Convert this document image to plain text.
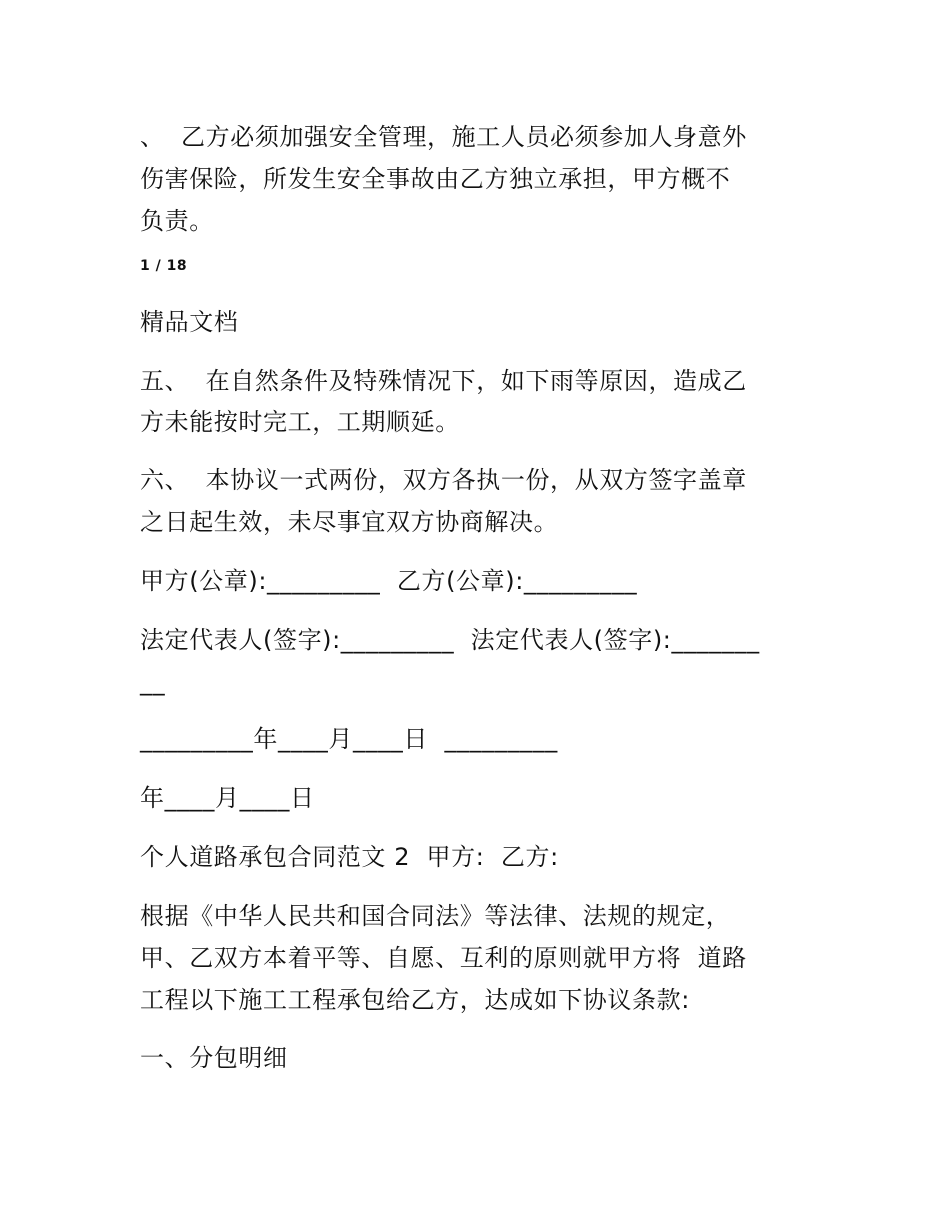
、  乙方必须加强安全管理，施工人员必须参加人身意外
伤害保险，所发生安全事故由乙方独立承担，甲方概不
负责。
1 / 18
精品文档
五、  在自然条件及特殊情况下，如下雨等原因，造成乙
方未能按时完工，工期顺延。
六、  本协议一式两份，双方各执一份，从双方签字盖章
之日起生效，未尽事宜双方协商解决。
甲方(公章):_________  乙方(公章):_________
法定代表人(签字):_________  法定代表人(签字):_______
__
_________年____月____日  _________
年____月____日
个人道路承包合同范文 2  甲方:  乙方:
根据《中华人民共和国合同法》等法律、法规的规定，
甲、乙双方本着平等、自愿、互利的原则就甲方将  道路
工程以下施工工程承包给乙方，达成如下协议条款:
一、分包明细
